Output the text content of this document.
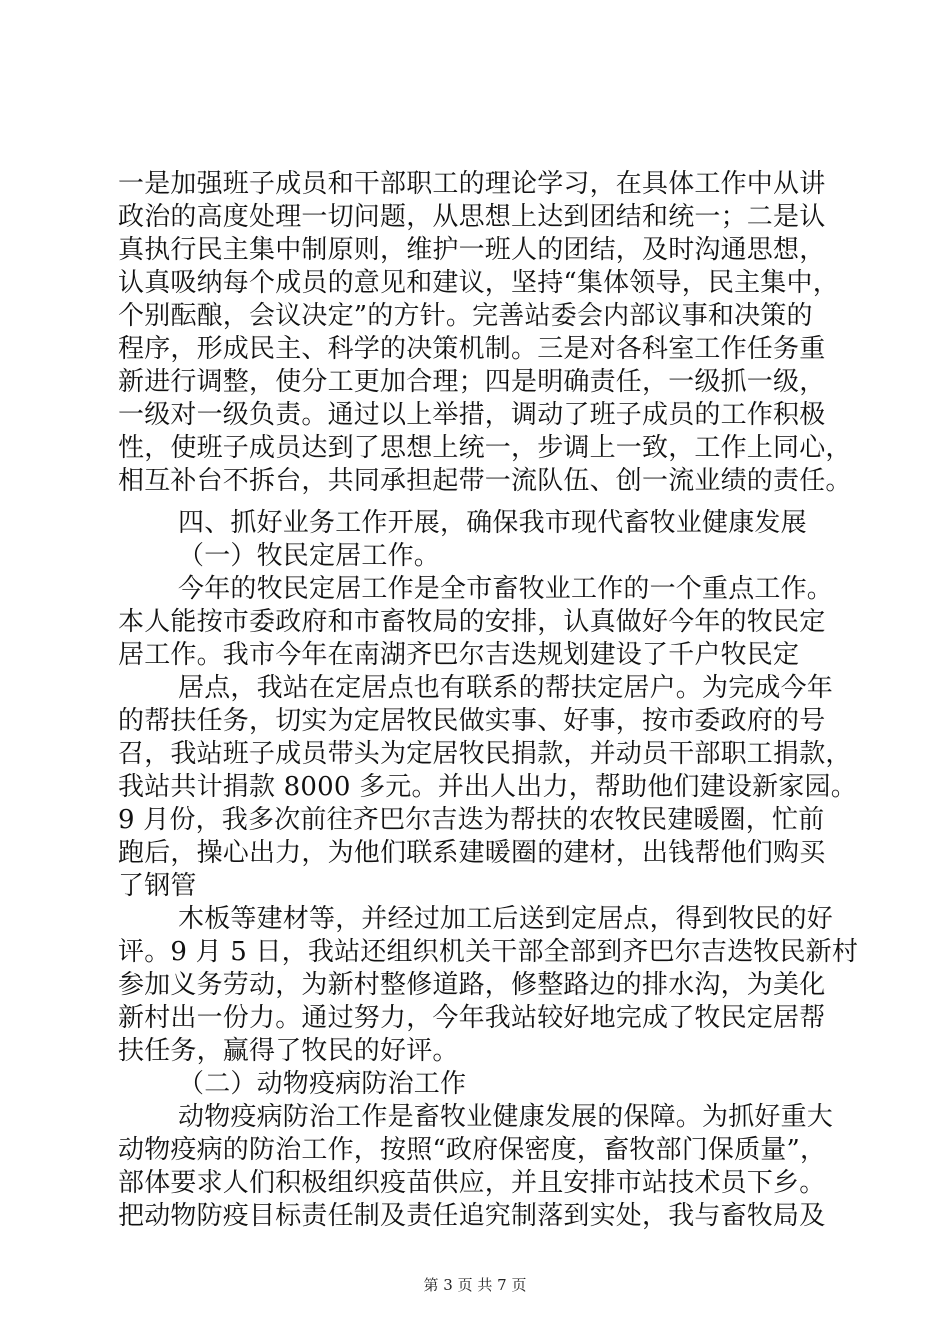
一是加强班子成员和干部职工的理论学习，在具体工作中从讲
政治的高度处理一切问题，从思想上达到团结和统一；二是认
真执行民主集中制原则，维护一班人的团结，及时沟通思想，
认真吸纳每个成员的意见和建议，坚持“集体领导，民主集中，
个别酝酿，会议决定”的方针。完善站委会内部议事和决策的
程序，形成民主、科学的决策机制。三是对各科室工作任务重
新进行调整，使分工更加合理；四是明确责任，一级抓一级，
一级对一级负责。通过以上举措，调动了班子成员的工作积极
性，使班子成员达到了思想上统一，步调上一致，工作上同心，
相互补台不拆台，共同承担起带一流队伍、创一流业绩的责任。
四、抓好业务工作开展，确保我市现代畜牧业健康发展
（一）牧民定居工作。
今年的牧民定居工作是全市畜牧业工作的一个重点工作。
本人能按市委政府和市畜牧局的安排，认真做好今年的牧民定
居工作。我市今年在南湖齐巴尔吉迭规划建设了千户牧民定
居点，我站在定居点也有联系的帮扶定居户。为完成今年
的帮扶任务，切实为定居牧民做实事、好事，按市委政府的号
召，我站班子成员带头为定居牧民捐款，并动员干部职工捐款，
我站共计捐款 8000 多元。并出人出力，帮助他们建设新家园。
9 月份，我多次前往齐巴尔吉迭为帮扶的农牧民建暖圈，忙前
跑后，操心出力，为他们联系建暖圈的建材，出钱帮他们购买
了钢管
木板等建材等，并经过加工后送到定居点，得到牧民的好
评。9 月 5 日，我站还组织机关干部全部到齐巴尔吉迭牧民新村
参加义务劳动，为新村整修道路，修整路边的排水沟，为美化
新村出一份力。通过努力，今年我站较好地完成了牧民定居帮
扶任务，赢得了牧民的好评。
（二）动物疫病防治工作
动物疫病防治工作是畜牧业健康发展的保障。为抓好重大
动物疫病的防治工作，按照“政府保密度，畜牧部门保质量”，
部体要求人们积极组织疫苗供应，并且安排市站技术员下乡。
把动物防疫目标责任制及责任追究制落到实处，我与畜牧局及
第 3 页 共 7 页
